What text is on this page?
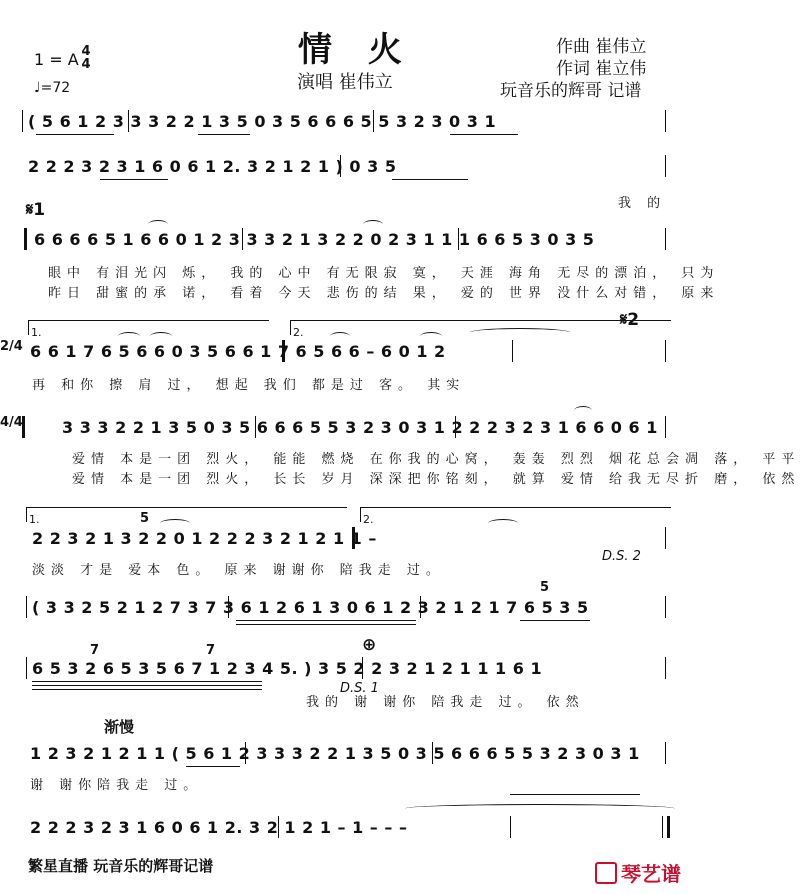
情 火
演唱 崔伟立
作曲 崔伟立
作词 崔立伟
玩音乐的辉哥 记谱
1 = A 4
4
♩=72
( 5 6 1 2 3 3 3 2 2 1 3 5 0 3 5 6 6 6 5 5 3 2 3 0 3 1
2 2 2 3 2 3 1 6 0 6 1 2. 3 2 1 2 1 ) 0 3 5
我 的
𝄋1
6 6 6 6 5 1 6 6 0 1 2 3 3 3 2 1 3 2 2 0 2 3 1 1 1 6 6 5 3 0 3 5
眼中 有泪光闪 烁， 我的 心中 有无限寂 寞， 天涯 海角 无尽的漂泊， 只为
昨日 甜蜜的承 诺， 看着 今天 悲伤的结 果， 爱的 世界 没什么对错， 原来
1.	2.
𝄋2
6 6 1 7 6 5 6 6 0 3 5 6 6 1 7 6 5 6 6 – 6 0 1 2
2/4
再 和你 擦 肩 过， 想起 我们 都是过 客。 其实
4/4 3 3 3 2 2 1 3 5 0 3 5 6 6 6 5 5 3 2 3 0 3 1 2 2 2 3 2 3 1 6 6 0 6 1
爱情 本是一团 烈火， 能能 燃烧 在你我的心窝， 轰轰 烈烈 烟花总会凋 落， 平平
爱情 本是一团 烈火， 长长 岁月 深深把你铭刻， 就算 爱情 给我无尽折 磨， 依然
1.	2.
5
2 2 3 2 1 3 2 2 0 1 2 2 2 3 2 1 2 1 1 –
淡淡 才是 爱本 色。 原来 谢谢你 陪我走 过。
D.S. 2
( 3 3 2 5 2 1 2 7 3 7 3 6 1 2 6 1 3 0 6 1 2 3 2 1 2 1 7 6 5 3 5
5
7	7	⊕
6 5 3 2 6 5 3 5 6 7 1 2 3 4 5. ) 3 5 2 2 3 2 1 2 1 1 1 6 1
D.S. 1
我的 谢 谢你 陪我走 过。 依然
渐慢
1 2 3 2 1 2 1 1 ( 5 6 1 2 3 3 3 2 2 1 3 5 0 3 5 6 6 6 5 5 3 2 3 0 3 1
谢 谢你陪我走 过。
2 2 2 3 2 3 1 6 0 6 1 2. 3 2 1 2 1 – 1 – – –
繁星直播 玩音乐的辉哥记谱	琴艺谱
